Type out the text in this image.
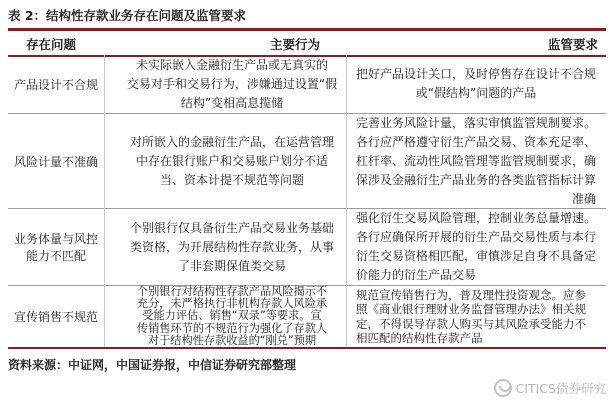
表 2：结构性存款业务存在问题及监管要求
存在问题	主要行为	监管要求
产品设计不合规
未实际嵌入金融衍生产品或无真实的
交易对手和交易行为，涉嫌通过设置“假
结构”变相高息揽储
把好产品设计关口，及时停售存在设计不合规
或“假结构”问题的产品
风险计量不准确
对所嵌入的金融衍生产品，在运营管理
中存在银行账户和交易账户划分不适
当、资本计提不规范等问题
完善业务风险计量，落实审慎监管规制要求。
各行应严格遵守衍生产品交易、资本充足率、
杠杆率、流动性风险管理等监管规制要求，确
保涉及金融衍生产品业务的各类监管指标计算
准确
业务体量与风控
能力不匹配
个别银行仅具备衍生产品交易业务基础
类资格，为开展结构性存款业务，从事
了非套期保值类交易
强化衍生交易风险管理，控制业务总量增速。
各行应确保所开展的衍生产品交易性质与本行
衍生交易资格相匹配，审慎涉足自身不具备定
价能力的衍生产品交易
宣传销售不规范
个别银行对结构性存款产品风险揭示不
充分，未严格执行非机构存款人风险承
受能力评估、销售“双录”等要求。宣
传销售环节的不规范行为强化了存款人
对于结构性存款收益的“刚兑”预期
规范宣传销售行为，普及理性投资观念。应参
照《商业银行理财业务监督管理办法》相关规
定，不得误导存款人购买与其风险承受能力不
相匹配的结构性存款产品
资料来源：中证网，中国证券报，中信证券研究部整理
CITICS债券研究
